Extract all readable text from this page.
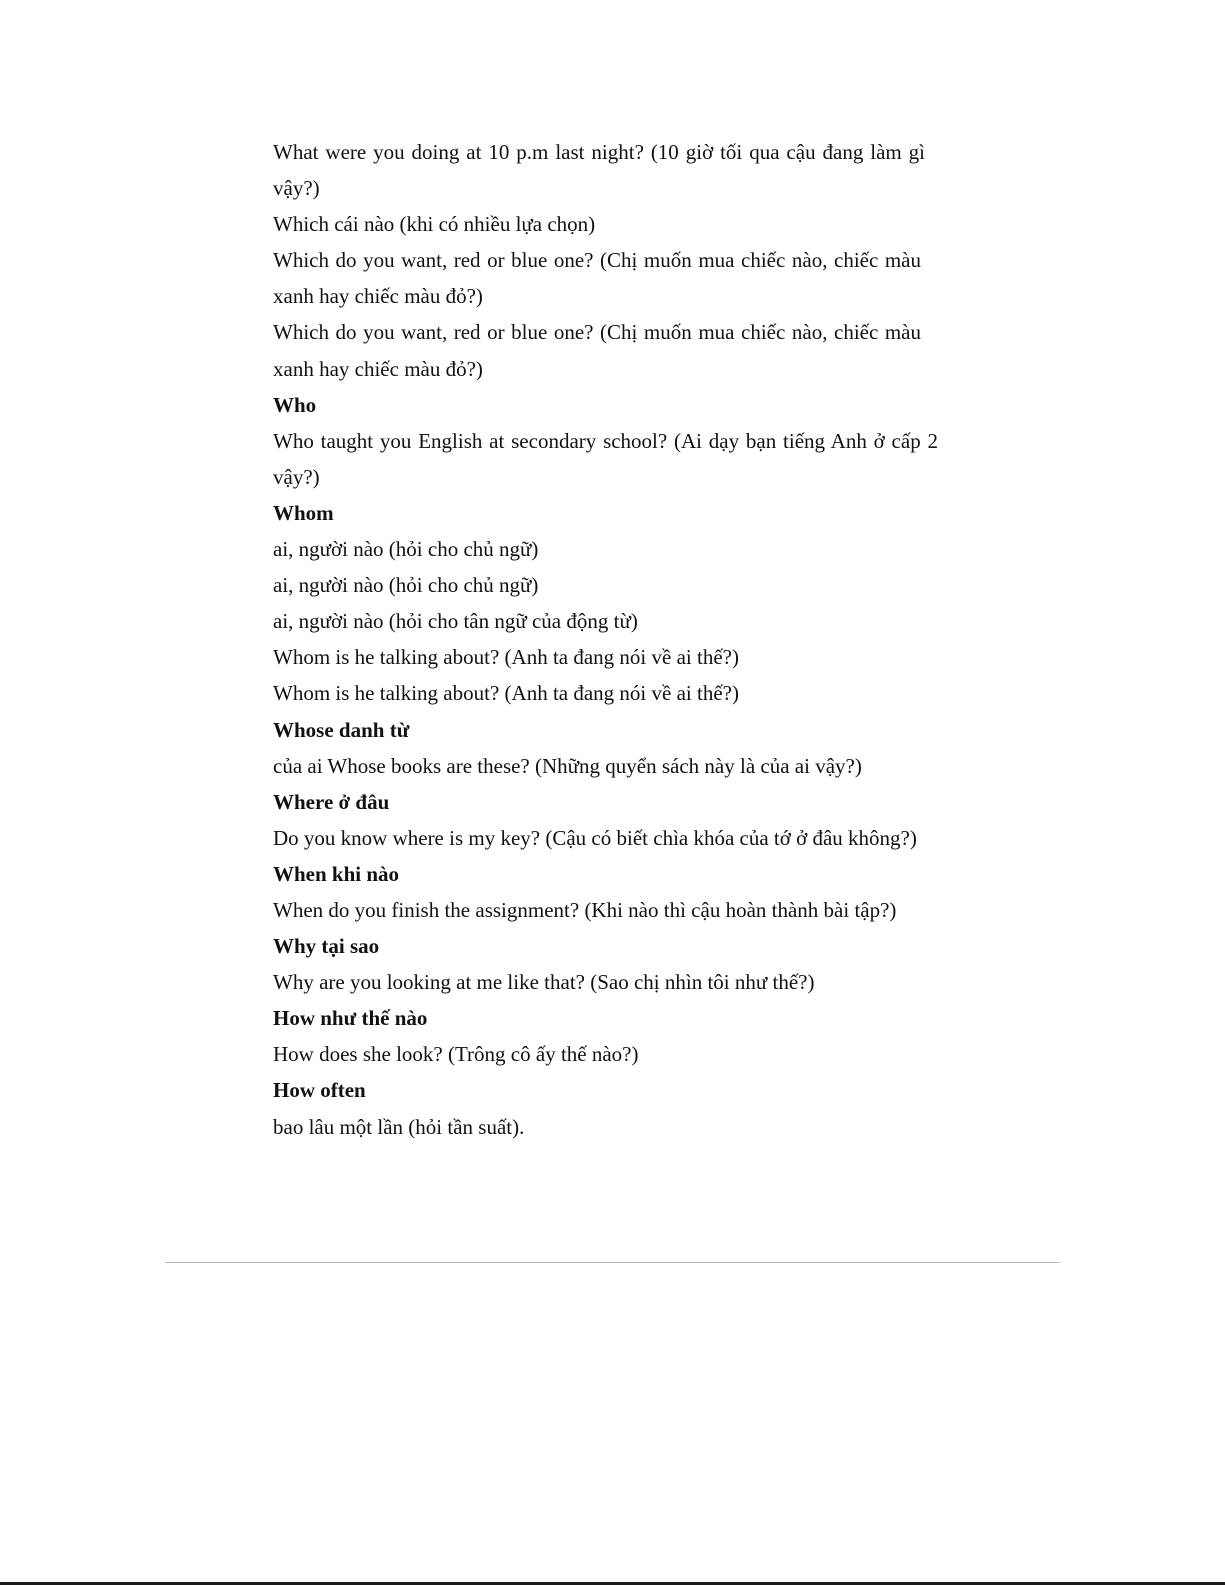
What were you doing at 10 p.m last night? (10 giờ tối qua cậu đang làm gì
vậy?)
Which cái nào (khi có nhiều lựa chọn)
Which do you want, red or blue one? (Chị muốn mua chiếc nào, chiếc màu
xanh hay chiếc màu đỏ?)
Which do you want, red or blue one? (Chị muốn mua chiếc nào, chiếc màu
xanh hay chiếc màu đỏ?)
Who
Who taught you English at secondary school? (Ai dạy bạn tiếng Anh ở cấp 2
vậy?)
Whom
ai, người nào (hỏi cho chủ ngữ)
ai, người nào (hỏi cho chủ ngữ)
ai, người nào (hỏi cho tân ngữ của động từ)
Whom is he talking about? (Anh ta đang nói về ai thế?)
Whom is he talking about? (Anh ta đang nói về ai thế?)
Whose danh từ
của ai Whose books are these? (Những quyển sách này là của ai vậy?)
Where ở đâu
Do you know where is my key? (Cậu có biết chìa khóa của tớ ở đâu không?)
When khi nào
When do you finish the assignment? (Khi nào thì cậu hoàn thành bài tập?)
Why tại sao
Why are you looking at me like that? (Sao chị nhìn tôi như thế?)
How như thế nào
How does she look? (Trông cô ấy thế nào?)
How often
bao lâu một lần (hỏi tần suất).
